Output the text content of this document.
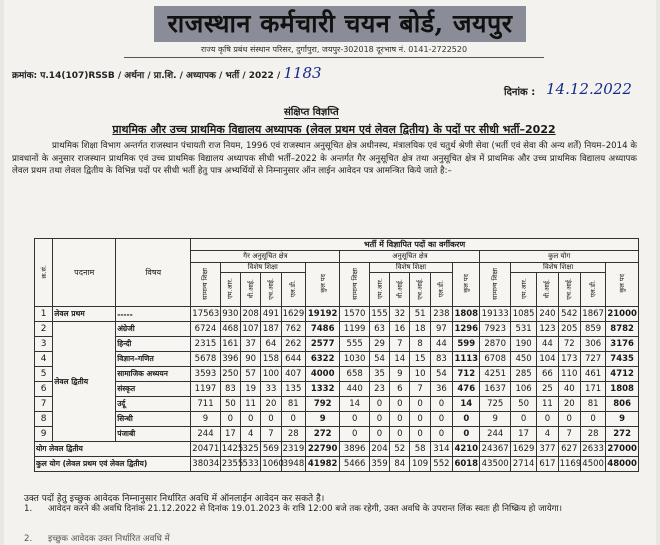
राजस्थान कर्मचारी चयन बोर्ड, जयपुर
राज्य कृषि प्रबंध संस्थान परिसर, दुर्गापुरा, जयपुर-302018 दूरभाष नं. 0141-2722520
क्रमांक: प.14(107)RSSB / अर्थना / प्रा.शि. / अध्यापक / भर्ती / 2022 / 1183
दिनांक : 14.12.2022
संक्षिप्त विज्ञप्ति
प्राथमिक और उच्च प्राथमिक विद्यालय अध्यापक (लेवल प्रथम एवं लेवल द्वितीय) के पदों पर सीधी भर्ती–2022
प्राथमिक शिक्षा विभाग अन्तर्गत राजस्थान पंचायती राज नियम, 1996 एवं राजस्थान अनुसूचित क्षेत्र अधीनस्थ, मंत्रालयिक एवं चतुर्थ श्रेणी सेवा (भर्ती एवं सेवा की अन्य शर्तें) नियम–2014 के प्रावधानों के अनुसार राजस्थान प्राथमिक एवं उच्च प्राथमिक विद्यालय अध्यापक सीधी भर्ती–2022 के अन्तर्गत गैर अनुसूचित क्षेत्र तथा अनुसूचित क्षेत्र में प्राथमिक और उच्च प्राथमिक विद्यालय अध्यापक लेवल प्रथम तथा लेवल द्वितीय के विभिन्न पदों पर सीधी भर्ती हेतु पात्र अभ्यर्थियों से निम्नानुसार ऑन लाईन आवेदन पत्र आमन्त्रित किये जाते है:–
क्र.सं.	पदनाम	विषय	भर्ती में विज्ञापित पदों का वर्गीकरण																	
			गैर अनुसूचित क्षेत्र						अनुसूचित क्षेत्र						कुल योग					
			सामान्य शिक्षा	विशेष शिक्षा				कुल पद	सामान्य शिक्षा	विशेष शिक्षा				कुल पद	सामान्य शिक्षा	विशेष शिक्षा				कुल पद
				एम.आर.	वी.आई.	एच.आई.	एल.डी.			एम.आर.	वी.आई.	एच.आई.	एल.डी.			एम.आर.	वी.आई.	एच.आई.	एल.डी.	
1	लेवल प्रथम	-----	17563	930	208	491	1629	19192	1570	155	32	51	238	1808	19133	1085	240	542	1867	21000
2	लेवल द्वितीय	अंग्रेजी	6724	468	107	187	762	7486	1199	63	16	18	97	1296	7923	531	123	205	859	8782
3		हिन्दी	2315	161	37	64	262	2577	555	29	7	8	44	599	2870	190	44	72	306	3176
4		विज्ञान–गणित	5678	396	90	158	644	6322	1030	54	14	15	83	1113	6708	450	104	173	727	7435
5		सामाजिक अध्ययन	3593	250	57	100	407	4000	658	35	9	10	54	712	4251	285	66	110	461	4712
6		संस्कृत	1197	83	19	33	135	1332	440	23	6	7	36	476	1637	106	25	40	171	1808
7		उर्दू	711	50	11	20	81	792	14	0	0	0	0	14	725	50	11	20	81	806
8		सिन्धी	9	0	0	0	0	9	0	0	0	0	0	0	9	0	0	0	0	9
9		पंजाबी	244	17	4	7	28	272	0	0	0	0	0	0	244	17	4	7	28	272
योग लेवल द्वितीय			20471	1425	325	569	2319	22790	3896	204	52	58	314	4210	24367	1629	377	627	2633	27000
कुल योग (लेवल प्रथम एवं लेवल द्वितीय)			38034	2355	533	1060	3948	41982	5466	359	84	109	552	6018	43500	2714	617	1169	4500	48000
उक्त पदों हेतु इच्छुक आवेदक निम्नानुसार निर्धारित अवधि में ऑनलाईन आवेदन कर सकते है।
1. आवेदन करने की अवधि दिनांक 21.12.2022 से दिनांक 19.01.2023 के रात्रि 12:00 बजे तक रहेगी, उक्त अवधि के उपरान्त लिंक स्वतः ही निष्क्रिय हो जायेगा।
2. इच्छुक आवेदक उक्त निर्धारित अवधि में
